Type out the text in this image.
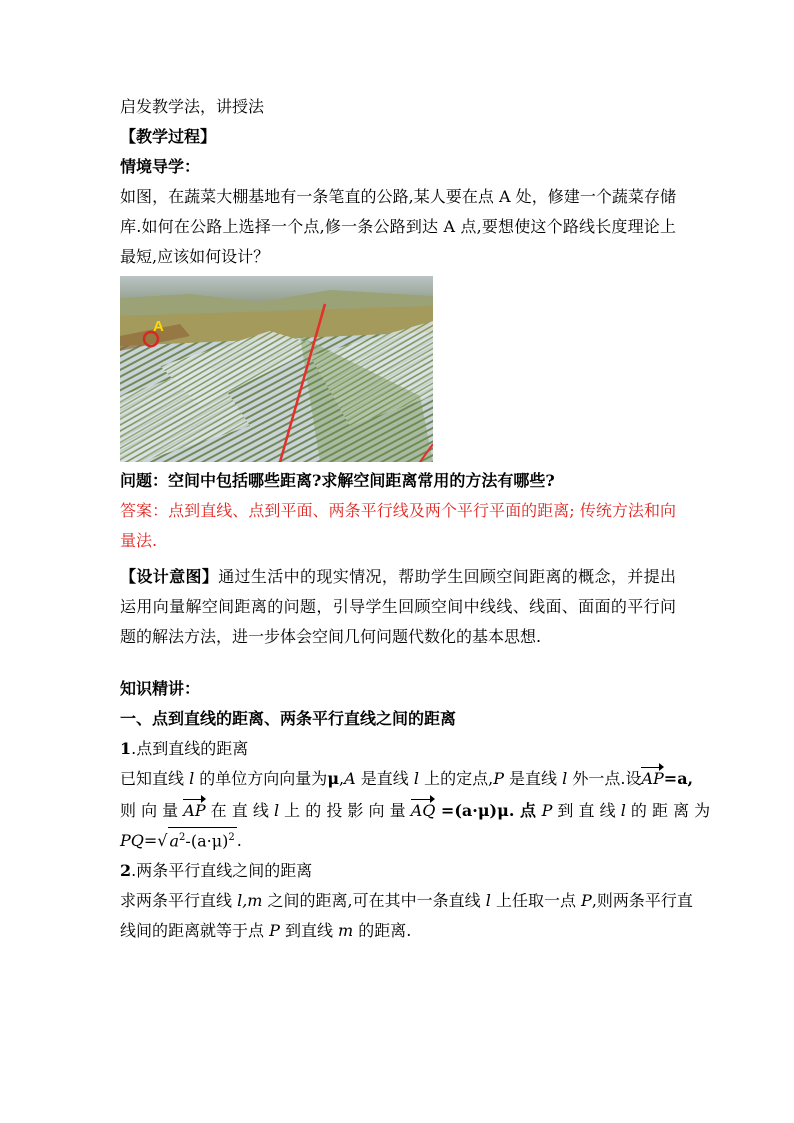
启发教学法，讲授法

【教学过程】

情境导学：

如图，在蔬菜大棚基地有一条笔直的公路,某人要在点 A 处，修建一个蔬菜存储库.如何在公路上选择一个点,修一条公路到达 A 点,要想使这个路线长度理论上最短,应该如何设计？

A

问题：空间中包括哪些距离?求解空间距离常用的方法有哪些?

答案：点到直线、点到平面、两条平行线及两个平行平面的距离; 传统方法和向量法.

【设计意图】通过生活中的现实情况，帮助学生回顾空间距离的概念，并提出运用向量解空间距离的问题，引导学生回顾空间中线线、线面、面面的平行问题的解法方法，进一步体会空间几何问题代数化的基本思想.

知识精讲：

一、点到直线的距离、两条平行直线之间的距离

1.点到直线的距离

已知直线 l 的单位方向向量为μ,A 是直线 l 上的定点,P 是直线 l 外一点.设AP=a,

则 向 量 AP 在 直 线 l 上 的 投 影 向 量 AQ =(a·μ)μ. 点 P 到 直 线 l 的 距 离 为

PQ=√ $a^2-(a\cdot\mu)^2$ .

2.两条平行直线之间的距离

求两条平行直线 l,m 之间的距离,可在其中一条直线 l 上任取一点 P,则两条平行直

线间的距离就等于点 P 到直线 m 的距离.
